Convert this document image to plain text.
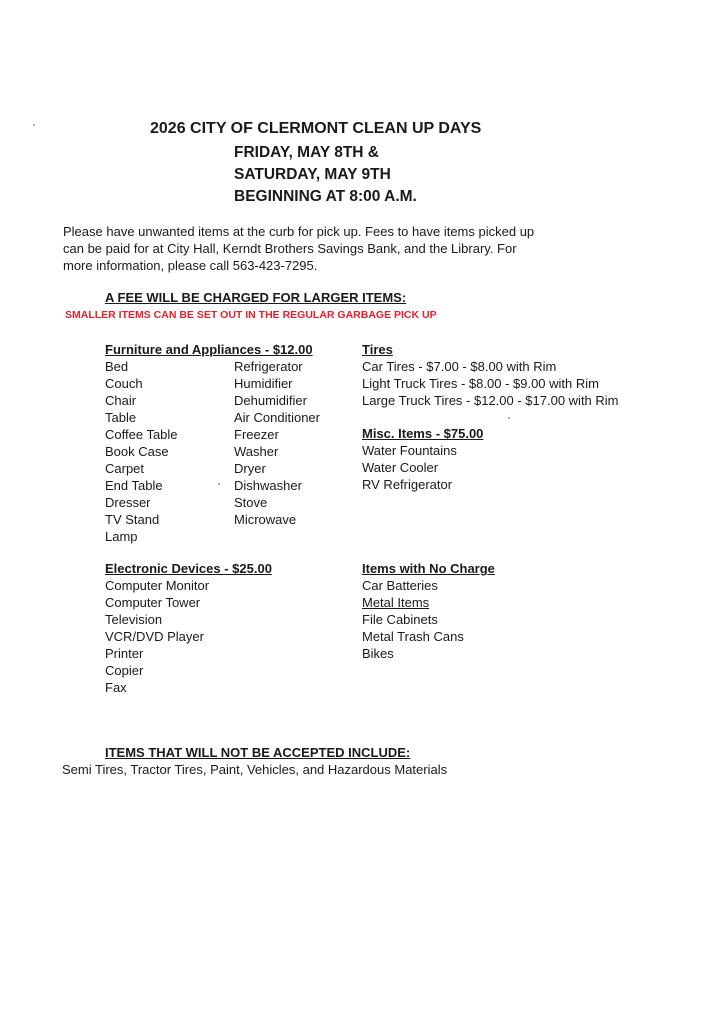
2026 CITY OF CLERMONT CLEAN UP DAYS
FRIDAY, MAY 8TH &
SATURDAY, MAY 9TH
BEGINNING AT 8:00 A.M.
Please have unwanted items at the curb for pick up. Fees to have items picked up
can be paid for at City Hall, Kerndt Brothers Savings Bank, and the Library. For
more information, please call 563-423-7295.
A FEE WILL BE CHARGED FOR LARGER ITEMS:
SMALLER ITEMS CAN BE SET OUT IN THE REGULAR GARBAGE PICK UP
Furniture and Appliances - $12.00
Bed
Couch
Chair
Table
Coffee Table
Book Case
Carpet
End Table
Dresser
TV Stand
Lamp
Refrigerator
Humidifier
Dehumidifier
Air Conditioner
Freezer
Washer
Dryer
Dishwasher
Stove
Microwave
Tires
Car Tires - $7.00 - $8.00 with Rim
Light Truck Tires - $8.00 - $9.00 with Rim
Large Truck Tires - $12.00 - $17.00 with Rim
Misc. Items - $75.00
Water Fountains
Water Cooler
RV Refrigerator
Electronic Devices - $25.00
Computer Monitor
Computer Tower
Television
VCR/DVD Player
Printer
Copier
Fax
Items with No Charge
Car Batteries
Metal Items
File Cabinets
Metal Trash Cans
Bikes
ITEMS THAT WILL NOT BE ACCEPTED INCLUDE:
Semi Tires, Tractor Tires, Paint, Vehicles, and Hazardous Materials
